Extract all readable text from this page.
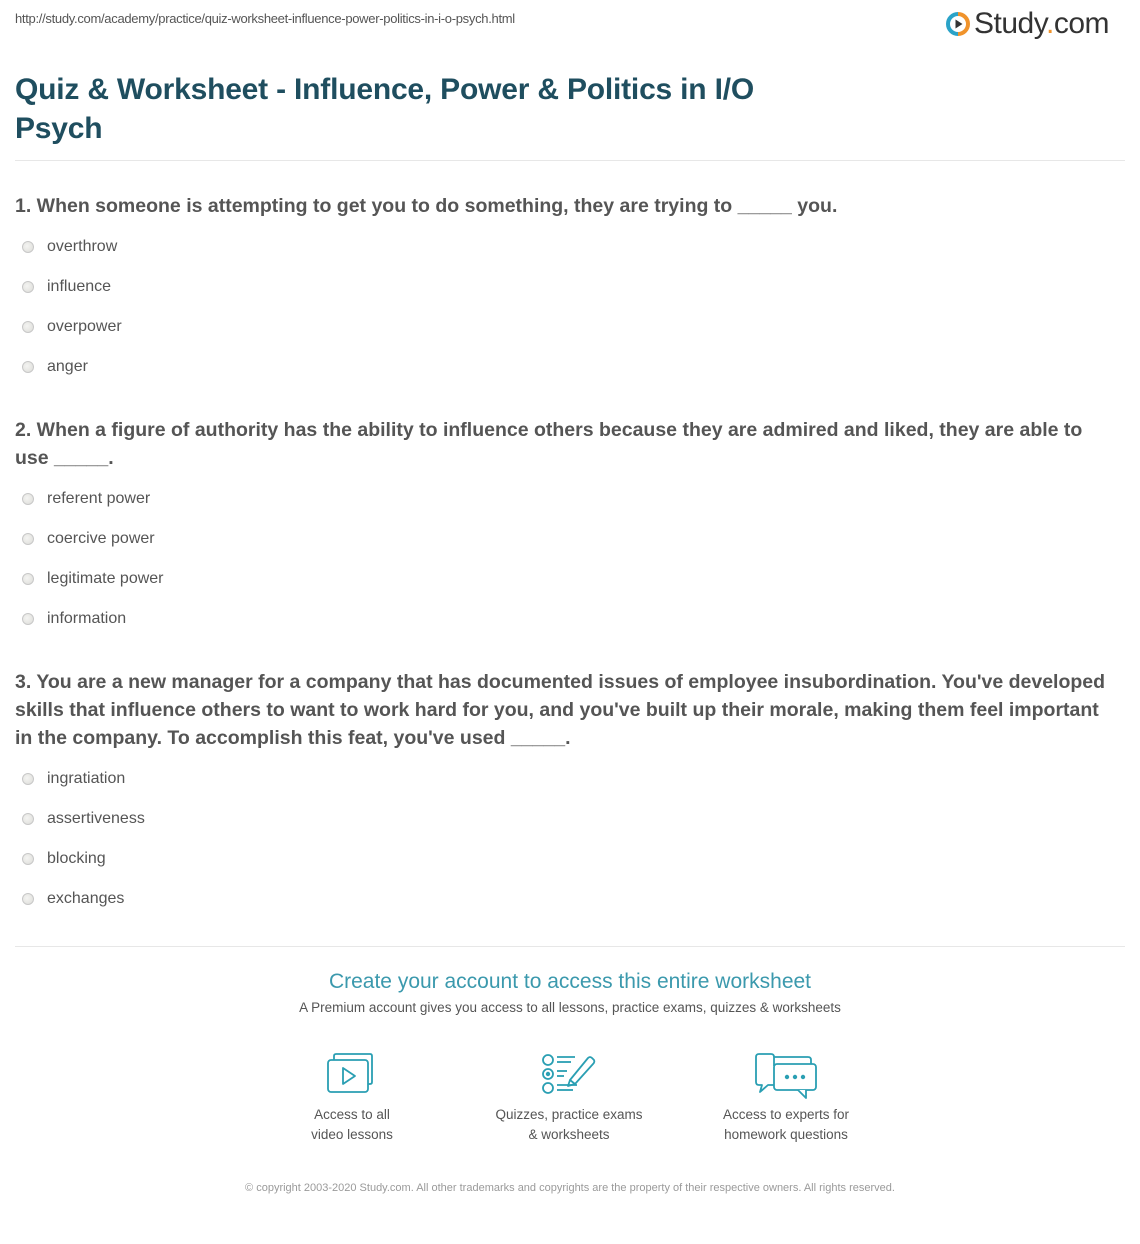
http://study.com/academy/practice/quiz-worksheet-influence-power-politics-in-i-o-psych.html	Study.com
Quiz & Worksheet - Influence, Power & Politics in I/O Psych
1. When someone is attempting to get you to do something, they are trying to _____ you.
overthrow
influence
overpower
anger
2. When a figure of authority has the ability to influence others because they are admired and liked, they are able to use _____.
referent power
coercive power
legitimate power
information
3. You are a new manager for a company that has documented issues of employee insubordination. You've developed skills that influence others to want to work hard for you, and you've built up their morale, making them feel important in the company. To accomplish this feat, you've used _____.
ingratiation
assertiveness
blocking
exchanges
Create your account to access this entire worksheet
A Premium account gives you access to all lessons, practice exams, quizzes & worksheets
Access to all
video lessons
Quizzes, practice exams
& worksheets
Access to experts for
homework questions
© copyright 2003-2020 Study.com. All other trademarks and copyrights are the property of their respective owners. All rights reserved.
